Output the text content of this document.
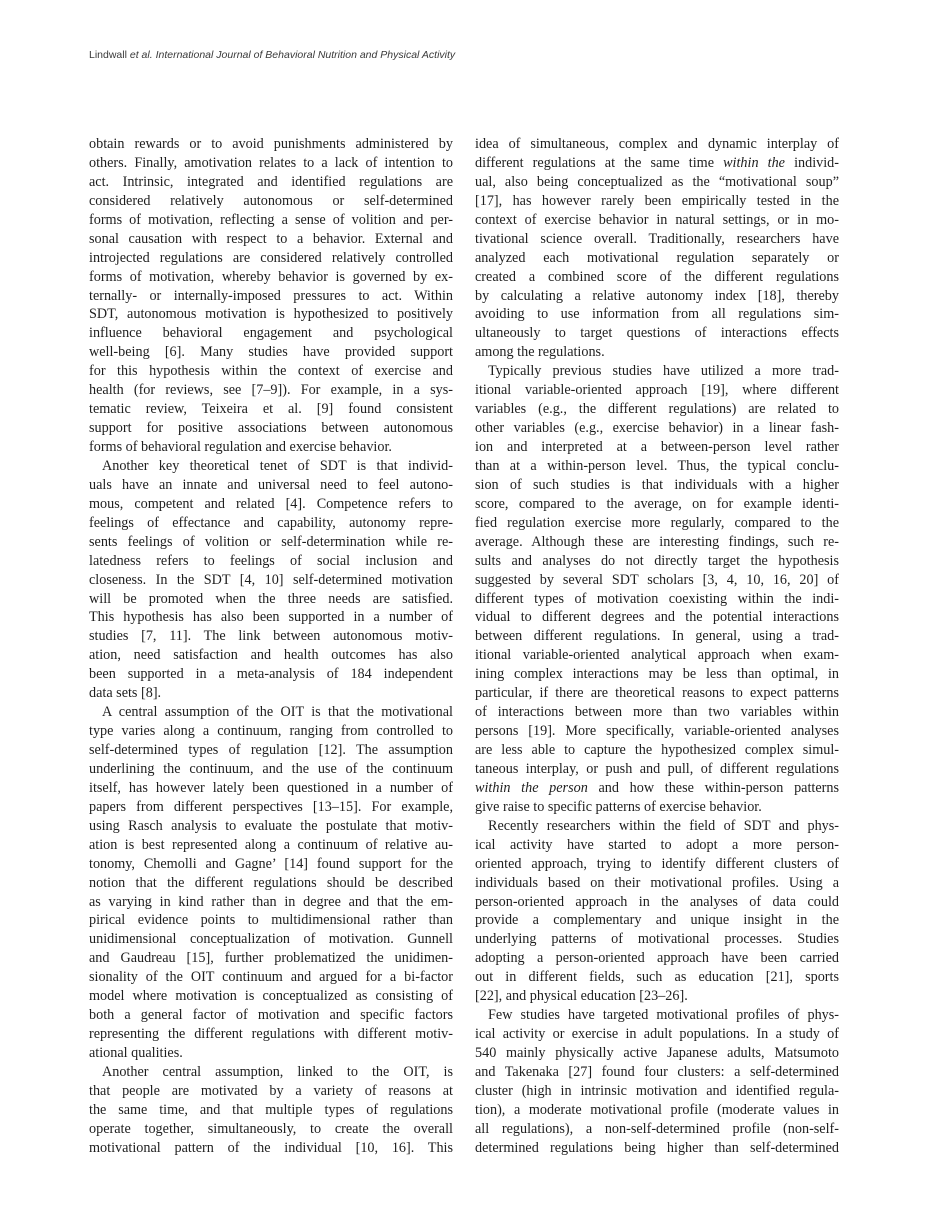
Lindwall et al. International Journal of Behavioral Nutrition and Physical Activity
obtain rewards or to avoid punishments administered by
others. Finally, amotivation relates to a lack of intention to
act. Intrinsic, integrated and identified regulations are
considered relatively autonomous or self-determined
forms of motivation, reflecting a sense of volition and per-
sonal causation with respect to a behavior. External and
introjected regulations are considered relatively controlled
forms of motivation, whereby behavior is governed by ex-
ternally- or internally-imposed pressures to act. Within
SDT, autonomous motivation is hypothesized to positively
influence behavioral engagement and psychological
well-being [6]. Many studies have provided support
for this hypothesis within the context of exercise and
health (for reviews, see [7–9]). For example, in a sys-
tematic review, Teixeira et al. [9] found consistent
support for positive associations between autonomous
forms of behavioral regulation and exercise behavior.
Another key theoretical tenet of SDT is that individ-
uals have an innate and universal need to feel autono-
mous, competent and related [4]. Competence refers to
feelings of effectance and capability, autonomy repre-
sents feelings of volition or self-determination while re-
latedness refers to feelings of social inclusion and
closeness. In the SDT [4, 10] self-determined motivation
will be promoted when the three needs are satisfied.
This hypothesis has also been supported in a number of
studies [7, 11]. The link between autonomous motiv-
ation, need satisfaction and health outcomes has also
been supported in a meta-analysis of 184 independent
data sets [8].
A central assumption of the OIT is that the motivational
type varies along a continuum, ranging from controlled to
self-determined types of regulation [12]. The assumption
underlining the continuum, and the use of the continuum
itself, has however lately been questioned in a number of
papers from different perspectives [13–15]. For example,
using Rasch analysis to evaluate the postulate that motiv-
ation is best represented along a continuum of relative au-
tonomy, Chemolli and Gagne’ [14] found support for the
notion that the different regulations should be described
as varying in kind rather than in degree and that the em-
pirical evidence points to multidimensional rather than
unidimensional conceptualization of motivation. Gunnell
and Gaudreau [15], further problematized the unidimen-
sionality of the OIT continuum and argued for a bi-factor
model where motivation is conceptualized as consisting of
both a general factor of motivation and specific factors
representing the different regulations with different motiv-
ational qualities.
Another central assumption, linked to the OIT, is
that people are motivated by a variety of reasons at
the same time, and that multiple types of regulations
operate together, simultaneously, to create the overall
motivational pattern of the individual [10, 16]. This
idea of simultaneous, complex and dynamic interplay of
different regulations at the same time within the individ-
ual, also being conceptualized as the “motivational soup”
[17], has however rarely been empirically tested in the
context of exercise behavior in natural settings, or in mo-
tivational science overall. Traditionally, researchers have
analyzed each motivational regulation separately or
created a combined score of the different regulations
by calculating a relative autonomy index [18], thereby
avoiding to use information from all regulations sim-
ultaneously to target questions of interactions effects
among the regulations.
Typically previous studies have utilized a more trad-
itional variable-oriented approach [19], where different
variables (e.g., the different regulations) are related to
other variables (e.g., exercise behavior) in a linear fash-
ion and interpreted at a between-person level rather
than at a within-person level. Thus, the typical conclu-
sion of such studies is that individuals with a higher
score, compared to the average, on for example identi-
fied regulation exercise more regularly, compared to the
average. Although these are interesting findings, such re-
sults and analyses do not directly target the hypothesis
suggested by several SDT scholars [3, 4, 10, 16, 20] of
different types of motivation coexisting within the indi-
vidual to different degrees and the potential interactions
between different regulations. In general, using a trad-
itional variable-oriented analytical approach when exam-
ining complex interactions may be less than optimal, in
particular, if there are theoretical reasons to expect patterns
of interactions between more than two variables within
persons [19]. More specifically, variable-oriented analyses
are less able to capture the hypothesized complex simul-
taneous interplay, or push and pull, of different regulations
within the person and how these within-person patterns
give raise to specific patterns of exercise behavior.
Recently researchers within the field of SDT and phys-
ical activity have started to adopt a more person-
oriented approach, trying to identify different clusters of
individuals based on their motivational profiles. Using a
person-oriented approach in the analyses of data could
provide a complementary and unique insight in the
underlying patterns of motivational processes. Studies
adopting a person-oriented approach have been carried
out in different fields, such as education [21], sports
[22], and physical education [23–26].
Few studies have targeted motivational profiles of phys-
ical activity or exercise in adult populations. In a study of
540 mainly physically active Japanese adults, Matsumoto
and Takenaka [27] found four clusters: a self-determined
cluster (high in intrinsic motivation and identified regula-
tion), a moderate motivational profile (moderate values in
all regulations), a non-self-determined profile (non-self-
determined regulations being higher than self-determined
